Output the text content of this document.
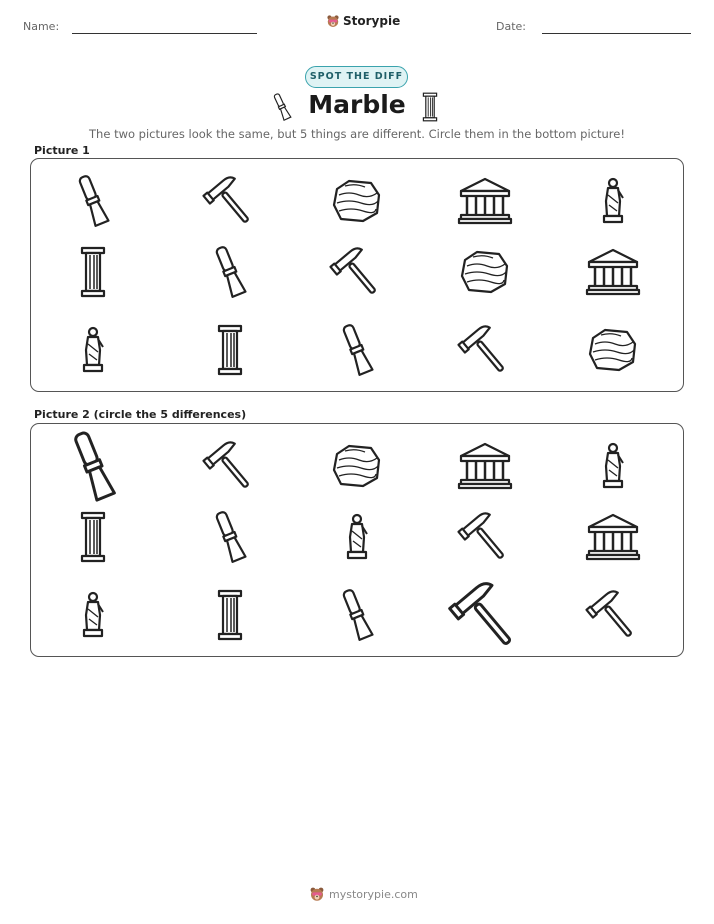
Name:	Storypie	Date:
SPOT THE DIFF
Marble
The two pictures look the same, but 5 things are different. Circle them in the bottom picture!
Picture 1
Picture 2 (circle the 5 differences)
mystorypie.com
